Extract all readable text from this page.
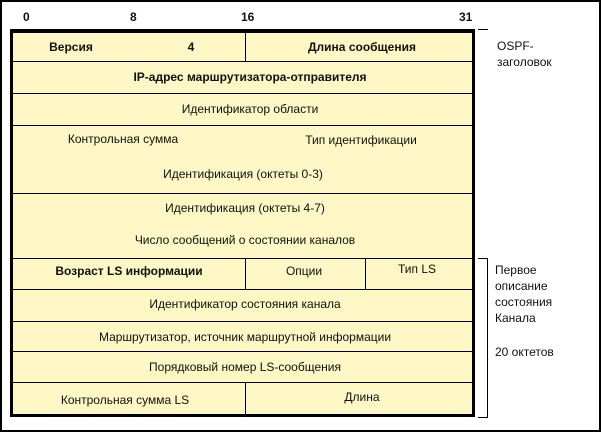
0	8	16	31
Версия	4	Длина сообщения
IP-адрес маршрутизатора-отправителя
Идентификатор области
Контрольная сумма	Тип идентификации
Идентификация (октеты 0-3)
Идентификация (октеты 4-7)
Число сообщений о состоянии каналов
Возраст LS информации	Опции	Тип LS
Идентификатор состояния канала
Маршрутизатор, источник маршрутной информации
Порядковый номер LS-сообщения
Контрольная сумма LS	Длина
OSPF-
заголовок
Первое
описание
состояния
Канала
20 октетов
